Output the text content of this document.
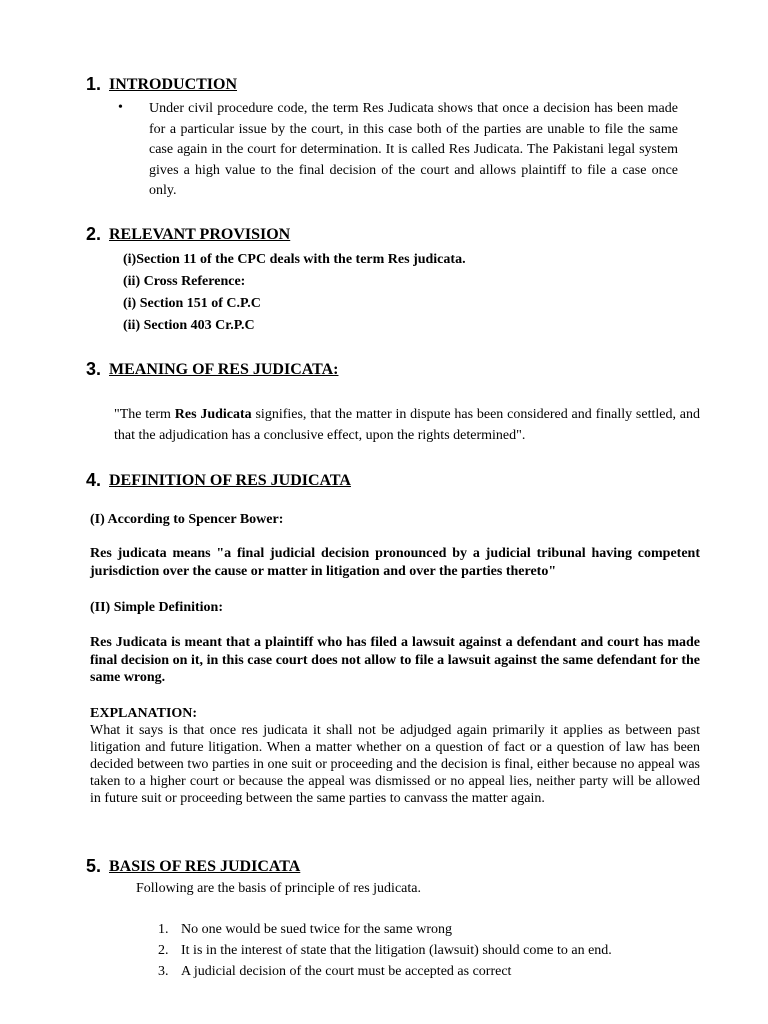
1. INTRODUCTION
• Under civil procedure code, the term Res Judicata shows that once a decision has been made for a particular issue by the court, in this case both of the parties are unable to file the same case again in the court for determination. It is called Res Judicata. The Pakistani legal system gives a high value to the final decision of the court and allows plaintiff to file a case once only.
2. RELEVANT PROVISION
(i)Section 11 of the CPC deals with the term Res judicata.
(ii) Cross Reference:
(i) Section 151 of C.P.C
(ii) Section 403 Cr.P.C
3. MEANING OF RES JUDICATA:
"The term Res Judicata signifies, that the matter in dispute has been considered and finally settled, and that the adjudication has a conclusive effect, upon the rights determined".
4. DEFINITION OF RES JUDICATA
(I) According to Spencer Bower:
Res judicata means "a final judicial decision pronounced by a judicial tribunal having competent jurisdiction over the cause or matter in litigation and over the parties thereto"
(II) Simple Definition:
Res Judicata is meant that a plaintiff who has filed a lawsuit against a defendant and court has made final decision on it, in this case court does not allow to file a lawsuit against the same defendant for the same wrong.
EXPLANATION:
What it says is that once res judicata it shall not be adjudged again primarily it applies as between past litigation and future litigation. When a matter whether on a question of fact or a question of law has been decided between two parties in one suit or proceeding and the decision is final, either because no appeal was taken to a higher court or because the appeal was dismissed or no appeal lies, neither party will be allowed in future suit or proceeding between the same parties to canvass the matter again.
5. BASIS OF RES JUDICATA
Following are the basis of principle of res judicata.
1. No one would be sued twice for the same wrong
2. It is in the interest of state that the litigation (lawsuit) should come to an end.
3. A judicial decision of the court must be accepted as correct
